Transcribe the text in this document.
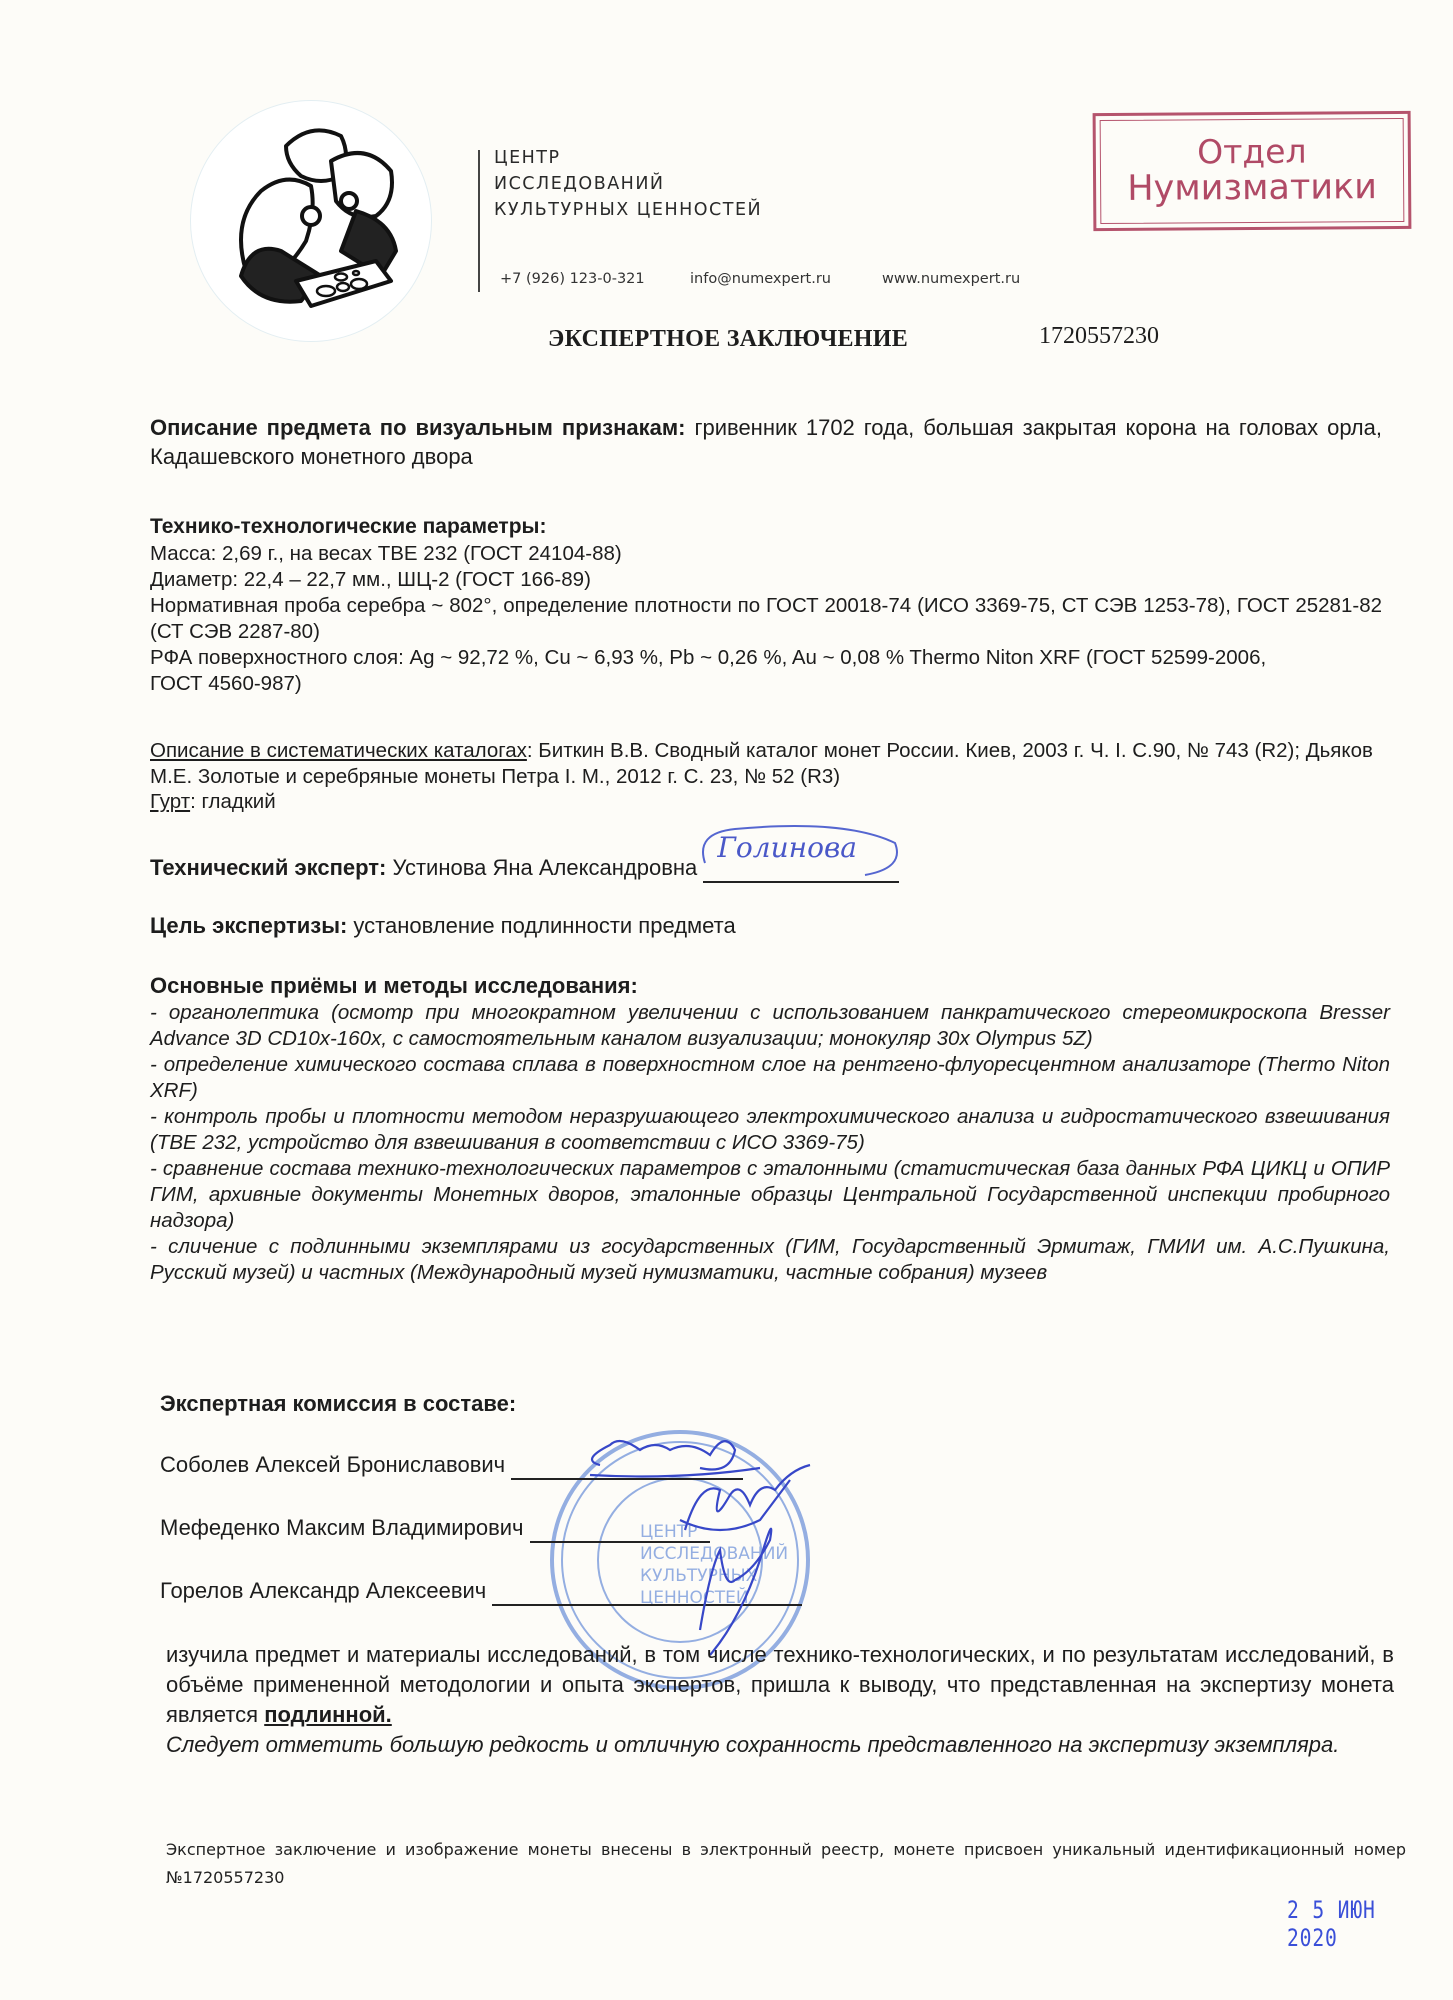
ЦЕНТР
ИССЛЕДОВАНИЙ
КУЛЬТУРНЫХ ЦЕННОСТЕЙ
+7 (926) 123-0-321	info@numexpert.ru	www.numexpert.ru
Отдел
Нумизматики
ЭКСПЕРТНОЕ ЗАКЛЮЧЕНИЕ	1720557230
Описание предмета по визуальным признакам: гривенник 1702 года, большая закрытая корона на головах орла, Кадашевского монетного двора
Технико-технологические параметры:
Масса: 2,69 г., на весах ТВЕ 232 (ГОСТ 24104-88)
Диаметр: 22,4 – 22,7 мм., ШЦ-2 (ГОСТ 166-89)
Нормативная проба серебра ~ 802°, определение плотности по ГОСТ 20018-74 (ИСО 3369-75, СТ СЭВ 1253-78), ГОСТ 25281-82 (СТ СЭВ 2287-80)
РФА поверхностного слоя: Ag ~ 92,72 %, Cu ~ 6,93 %, Pb ~ 0,26 %, Au ~ 0,08 % Thermo Niton XRF (ГОСТ 52599-2006, ГОСТ 4560-987)
Описание в систематических каталогах: Биткин В.В. Сводный каталог монет России. Киев, 2003 г. Ч. I. С.90, № 743 (R2); Дьяков М.Е. Золотые и серебряные монеты Петра I. М., 2012 г. С. 23, № 52 (R3)
Гурт: гладкий
Технический эксперт: Устинова Яна Александровна
Голинова

Цель экспертизы: установление подлинности предмета
Основные приёмы и методы исследования:
- органолептика (осмотр при многократном увеличении с использованием панкратического стереомикроскопа Bresser Advance 3D CD10x-160x, с самостоятельным каналом визуализации; монокуляр 30x Olympus 5Z)
- определение химического состава сплава в поверхностном слое на рентгено-флуоресцентном анализаторе (Thermo Niton XRF)
- контроль пробы и плотности методом неразрушающего электрохимического анализа и гидростатического взвешивания (ТВЕ 232, устройство для взвешивания в соответствии с ИСО 3369-75)
- сравнение состава технико-технологических параметров с эталонными (статистическая база данных РФА ЦИКЦ и ОПИР ГИМ, архивные документы Монетных дворов, эталонные образцы Центральной Государственной инспекции пробирного надзора)
- сличение с подлинными экземплярами из государственных (ГИМ, Государственный Эрмитаж, ГМИИ им. А.С.Пушкина, Русский музей) и частных (Международный музей нумизматики, частные собрания) музеев
Экспертная комиссия в составе:
ЦЕНТР
ИССЛЕДОВАНИЙ
КУЛЬТУРНЫХ
ЦЕННОСТЕЙ
Соболев Алексей Брониславович
Мефеденко Максим Владимирович
Горелов Александр Алексеевич
изучила предмет и материалы исследований, в том числе технико-технологических, и по результатам исследований, в объёме примененной методологии и опыта экспертов, пришла к выводу, что представленная на экспертизу монета является подлинной.
Следует отметить большую редкость и отличную сохранность представленного на экспертизу экземпляра.
Экспертное заключение и изображение монеты внесены в электронный реестр, монете присвоен уникальный идентификационный номер №1720557230
2 5 ИЮН 2020
